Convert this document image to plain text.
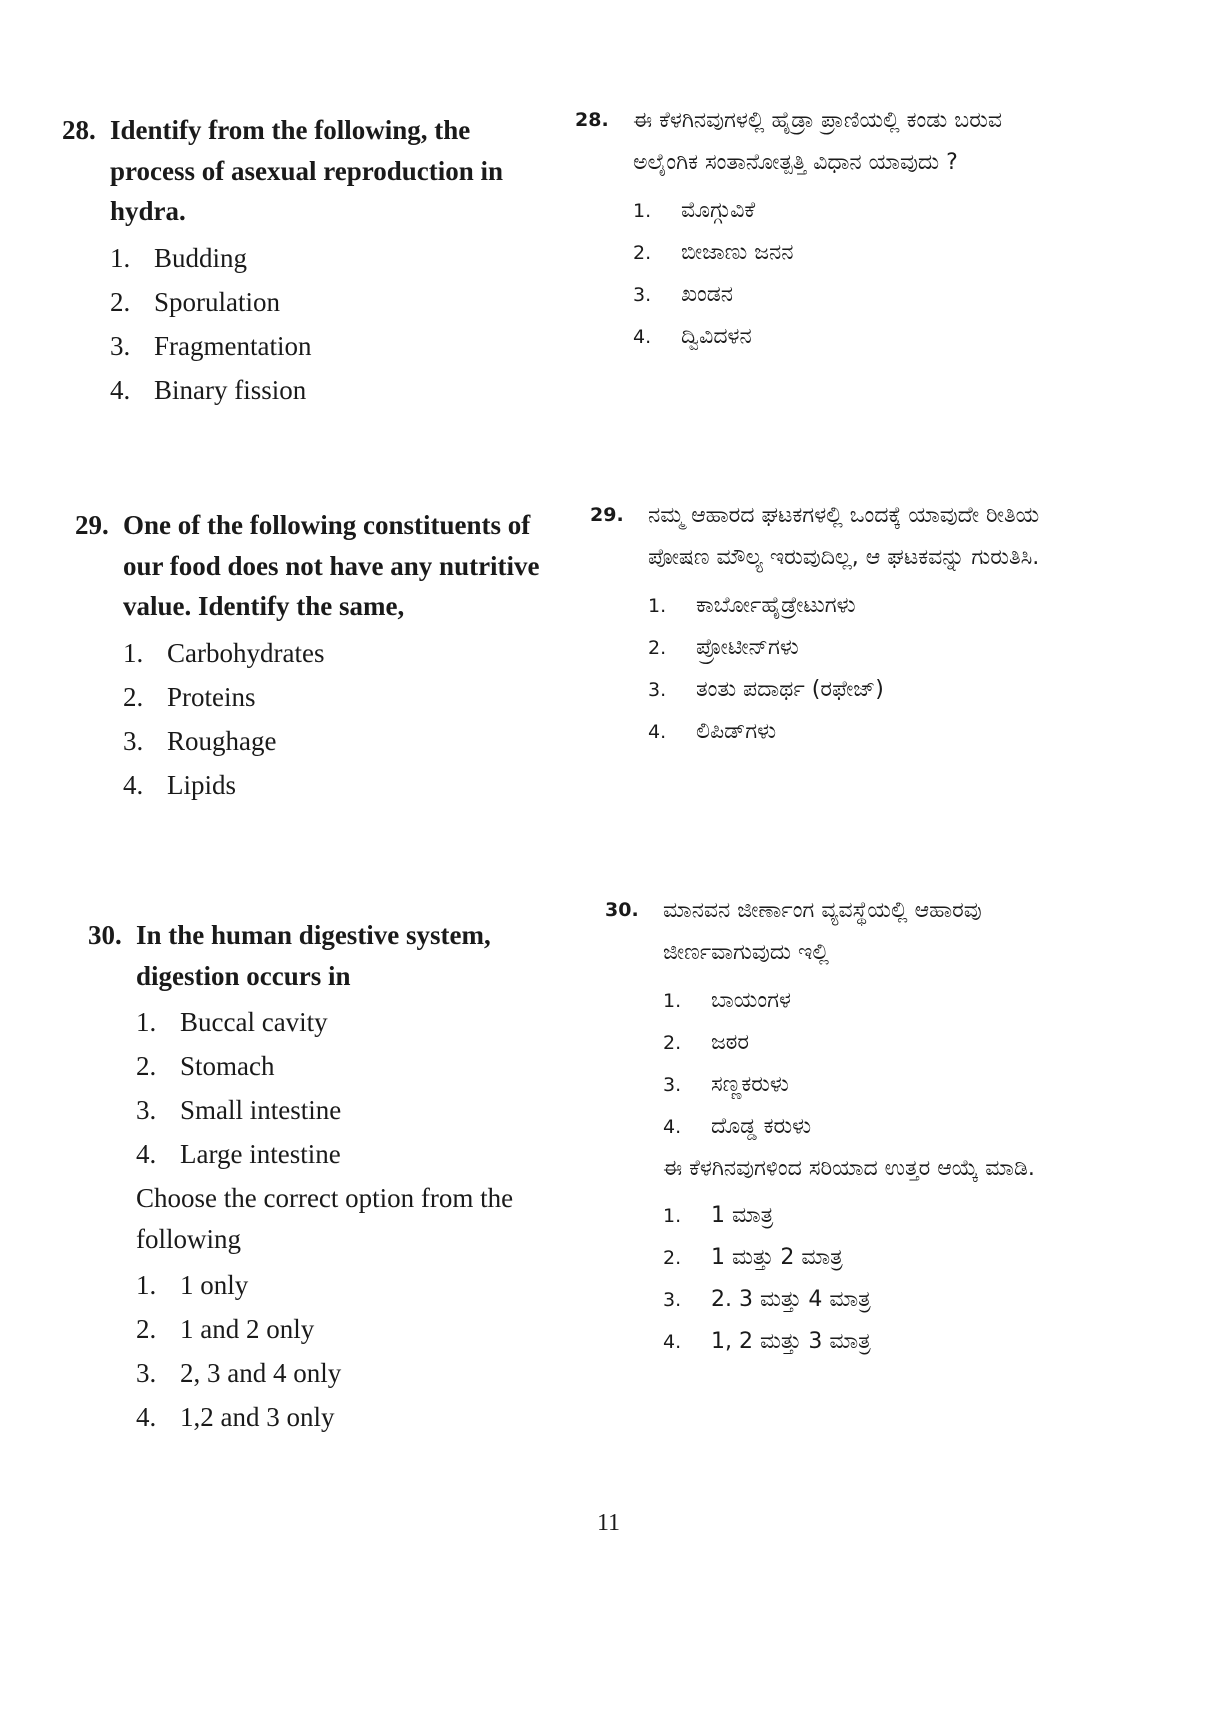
28. Identify from the following, the process of asexual reproduction in hydra.
1. Budding
2. Sporulation
3. Fragmentation
4. Binary fission
28.	ಈ ಕೆಳಗಿನವುಗಳಲ್ಲಿ ಹೈಡ್ರಾ ಪ್ರಾಣಿಯಲ್ಲಿ ಕಂಡು ಬರುವ ಅಲೈಂಗಿಕ ಸಂತಾನೋತ್ಪತ್ತಿ ವಿಧಾನ ಯಾವುದು ?
1.	ಮೊಗ್ಗುವಿಕೆ
2.	ಬೀಜಾಣು ಜನನ
3.	ಖಂಡನ
4.	ದ್ವಿವಿದಳನ
29. One of the following constituents of our food does not have any nutritive value. Identify the same,
1. Carbohydrates
2. Proteins
3. Roughage
4. Lipids
29.	ನಮ್ಮ ಆಹಾರದ ಘಟಕಗಳಲ್ಲಿ ಒಂದಕ್ಕೆ ಯಾವುದೇ ರೀತಿಯ ಪೋಷಣ ಮೌಲ್ಯ ಇರುವುದಿಲ್ಲ, ಆ ಘಟಕವನ್ನು ಗುರುತಿಸಿ.
1.	ಕಾರ್ಬೋಹೈಡ್ರೇಟುಗಳು
2.	ಪ್ರೋಟೀನ್‌ಗಳು
3.	ತಂತು ಪದಾರ್ಥ (ರಫೇಜ್)
4.	ಲಿಪಿಡ್‌ಗಳು
30. In the human digestive system, digestion occurs in
1. Buccal cavity
2. Stomach
3. Small intestine
4. Large intestine
Choose the correct option from the following
1. 1 only
2. 1 and 2 only
3. 2, 3 and 4 only
4. 1,2 and 3 only
30.	ಮಾನವನ ಜೀರ್ಣಾಂಗ ವ್ಯವಸ್ಥೆಯಲ್ಲಿ ಆಹಾರವು ಜೀರ್ಣವಾಗುವುದು ಇಲ್ಲಿ
1.	ಬಾಯಂಗಳ
2.	ಜಠರ
3.	ಸಣ್ಣಕರುಳು
4.	ದೊಡ್ಡ ಕರುಳು
ಈ ಕೆಳಗಿನವುಗಳಿಂದ ಸರಿಯಾದ ಉತ್ತರ ಆಯ್ಕೆ ಮಾಡಿ.
1.	1 ಮಾತ್ರ
2.	1 ಮತ್ತು 2 ಮಾತ್ರ
3.	2. 3 ಮತ್ತು 4 ಮಾತ್ರ
4.	1, 2 ಮತ್ತು 3 ಮಾತ್ರ
11
